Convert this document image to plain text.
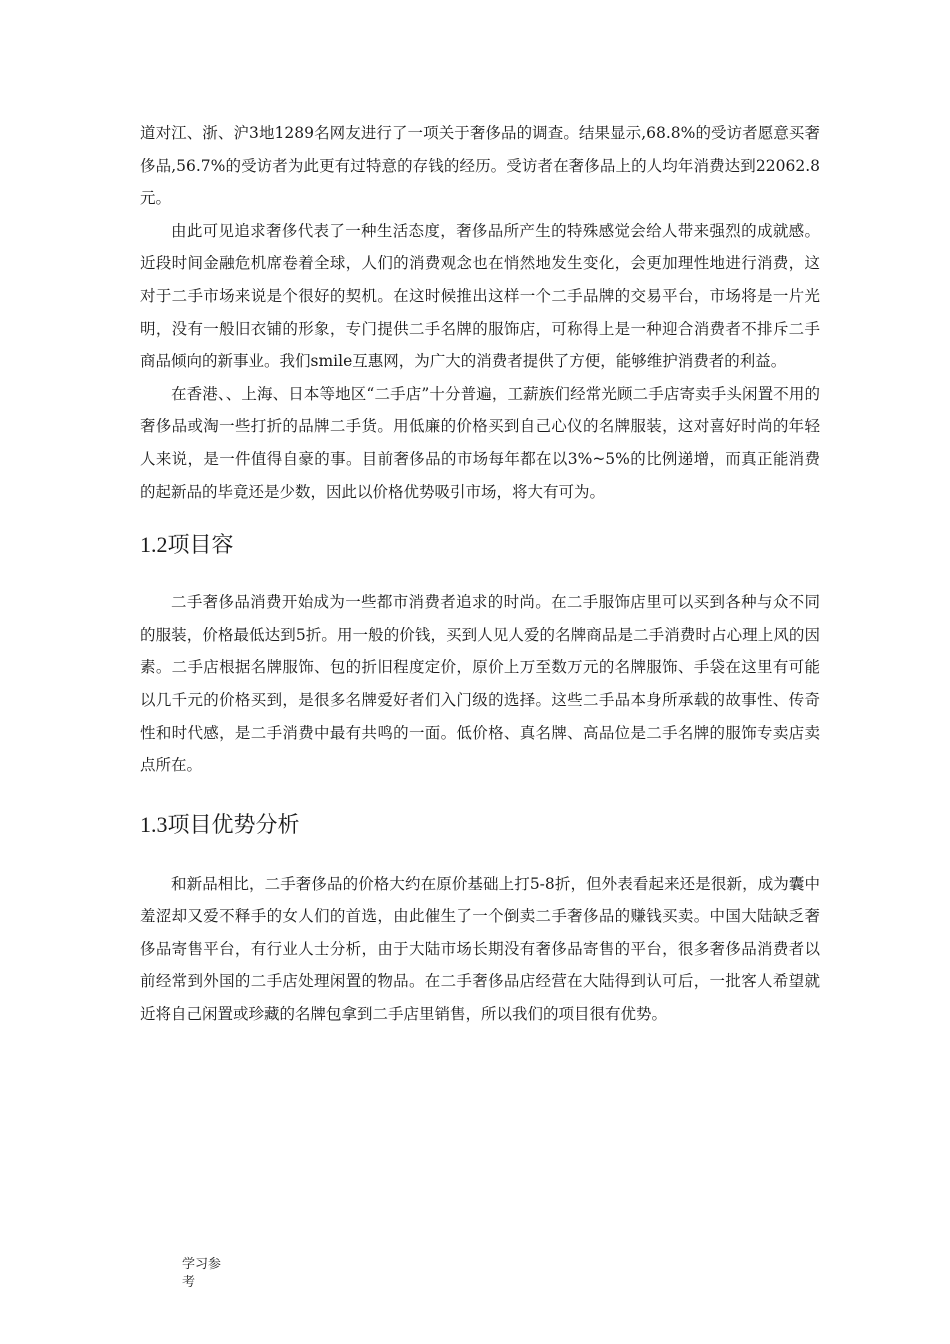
道对江、浙、沪3地1289名网友进行了一项关于奢侈品的调查。结果显示,68.8%的受访者愿意买奢侈品,56.7%的受访者为此更有过特意的存钱的经历。受访者在奢侈品上的人均年消费达到22062.8元。

由此可见追求奢侈代表了一种生活态度，奢侈品所产生的特殊感觉会给人带来强烈的成就感。近段时间金融危机席卷着全球，人们的消费观念也在悄然地发生变化，会更加理性地进行消费，这对于二手市场来说是个很好的契机。在这时候推出这样一个二手品牌的交易平台，市场将是一片光明，没有一般旧衣铺的形象，专门提供二手名牌的服饰店，可称得上是一种迎合消费者不排斥二手商品倾向的新事业。我们smile互惠网，为广大的消费者提供了方便，能够维护消费者的利益。

在香港、、上海、日本等地区“二手店”十分普遍，工薪族们经常光顾二手店寄卖手头闲置不用的奢侈品或淘一些打折的品牌二手货。用低廉的价格买到自己心仪的名牌服装，这对喜好时尚的年轻人来说，是一件值得自豪的事。目前奢侈品的市场每年都在以3%~5%的比例递增，而真正能消费的起新品的毕竟还是少数，因此以价格优势吸引市场，将大有可为。

1.2项目容

二手奢侈品消费开始成为一些都市消费者追求的时尚。在二手服饰店里可以买到各种与众不同的服装，价格最低达到5折。用一般的价钱，买到人见人爱的名牌商品是二手消费时占心理上风的因素。二手店根据名牌服饰、包的折旧程度定价，原价上万至数万元的名牌服饰、手袋在这里有可能以几千元的价格买到，是很多名牌爱好者们入门级的选择。这些二手品本身所承载的故事性、传奇性和时代感，是二手消费中最有共鸣的一面。低价格、真名牌、高品位是二手名牌的服饰专卖店卖点所在。

1.3项目优势分析

和新品相比，二手奢侈品的价格大约在原价基础上打5-8折，但外表看起来还是很新，成为囊中羞涩却又爱不释手的女人们的首选，由此催生了一个倒卖二手奢侈品的赚钱买卖。中国大陆缺乏奢侈品寄售平台，有行业人士分析，由于大陆市场长期没有奢侈品寄售的平台，很多奢侈品消费者以前经常到外国的二手店处理闲置的物品。在二手奢侈品店经营在大陆得到认可后，一批客人希望就近将自己闲置或珍藏的名牌包拿到二手店里销售，所以我们的项目很有优势。

学习参考
